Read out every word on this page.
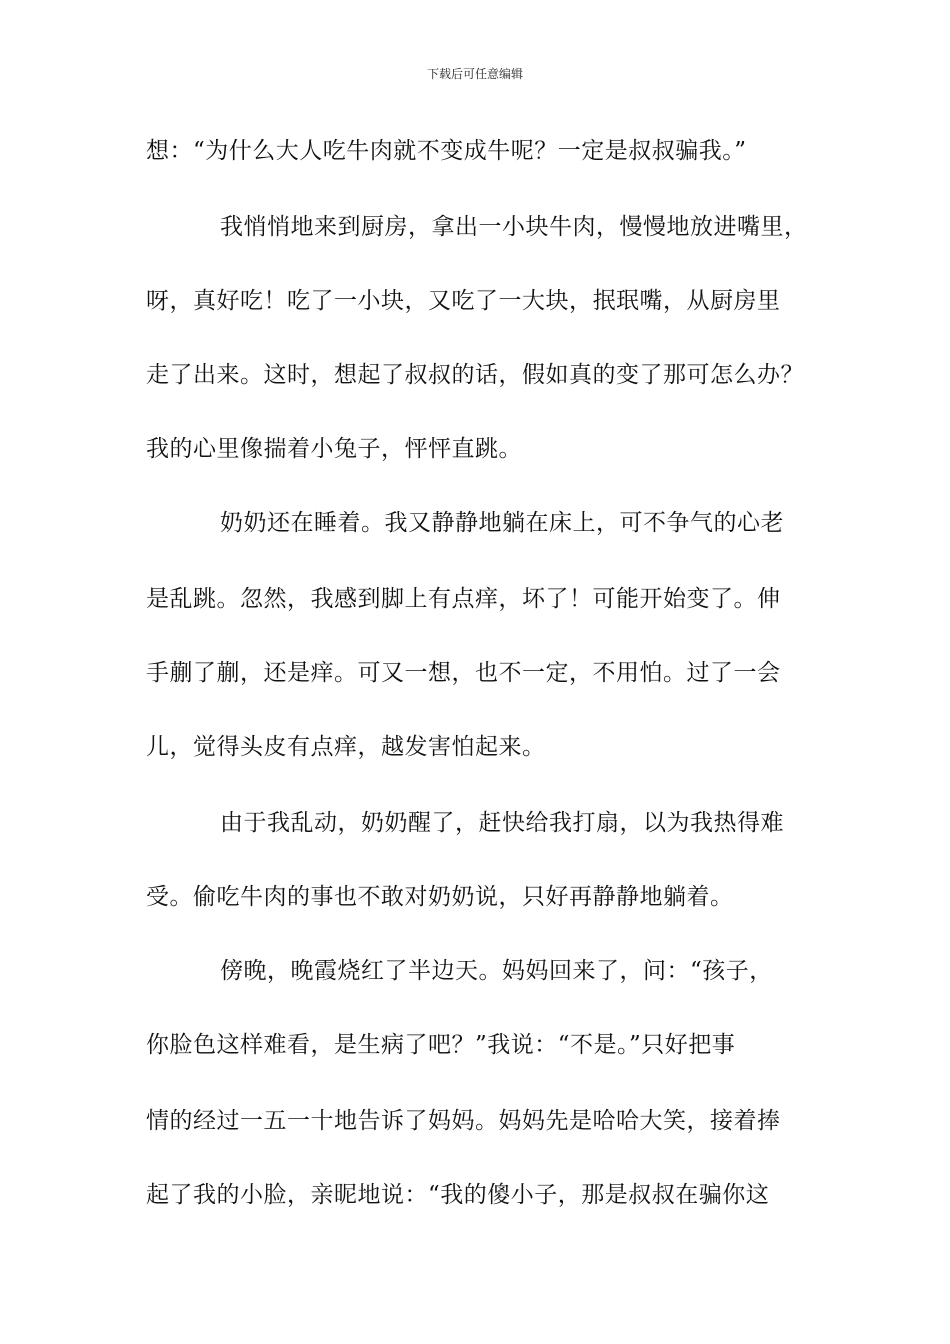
下载后可任意编辑
想：“为什么大人吃牛肉就不变成牛呢？一定是叔叔骗我。”
我悄悄地来到厨房，拿出一小块牛肉，慢慢地放进嘴里，
呀，真好吃！吃了一小块，又吃了一大块，抿珉嘴，从厨房里
走了出来。这时，想起了叔叔的话，假如真的变了那可怎么办？
我的心里像揣着小兔子，怦怦直跳。
奶奶还在睡着。我又静静地躺在床上，可不争气的心老
是乱跳。忽然，我感到脚上有点痒，坏了！可能开始变了。伸
手蒯了蒯，还是痒。可又一想，也不一定，不用怕。过了一会
儿，觉得头皮有点痒，越发害怕起来。
由于我乱动，奶奶醒了，赶快给我打扇，以为我热得难
受。偷吃牛肉的事也不敢对奶奶说，只好再静静地躺着。
傍晚，晚霞烧红了半边天。妈妈回来了，问：“孩子，
你脸色这样难看，是生病了吧？”我说：“不是。”只好把事
情的经过一五一十地告诉了妈妈。妈妈先是哈哈大笑，接着捧
起了我的小脸，亲昵地说：“我的傻小子，那是叔叔在骗你这
